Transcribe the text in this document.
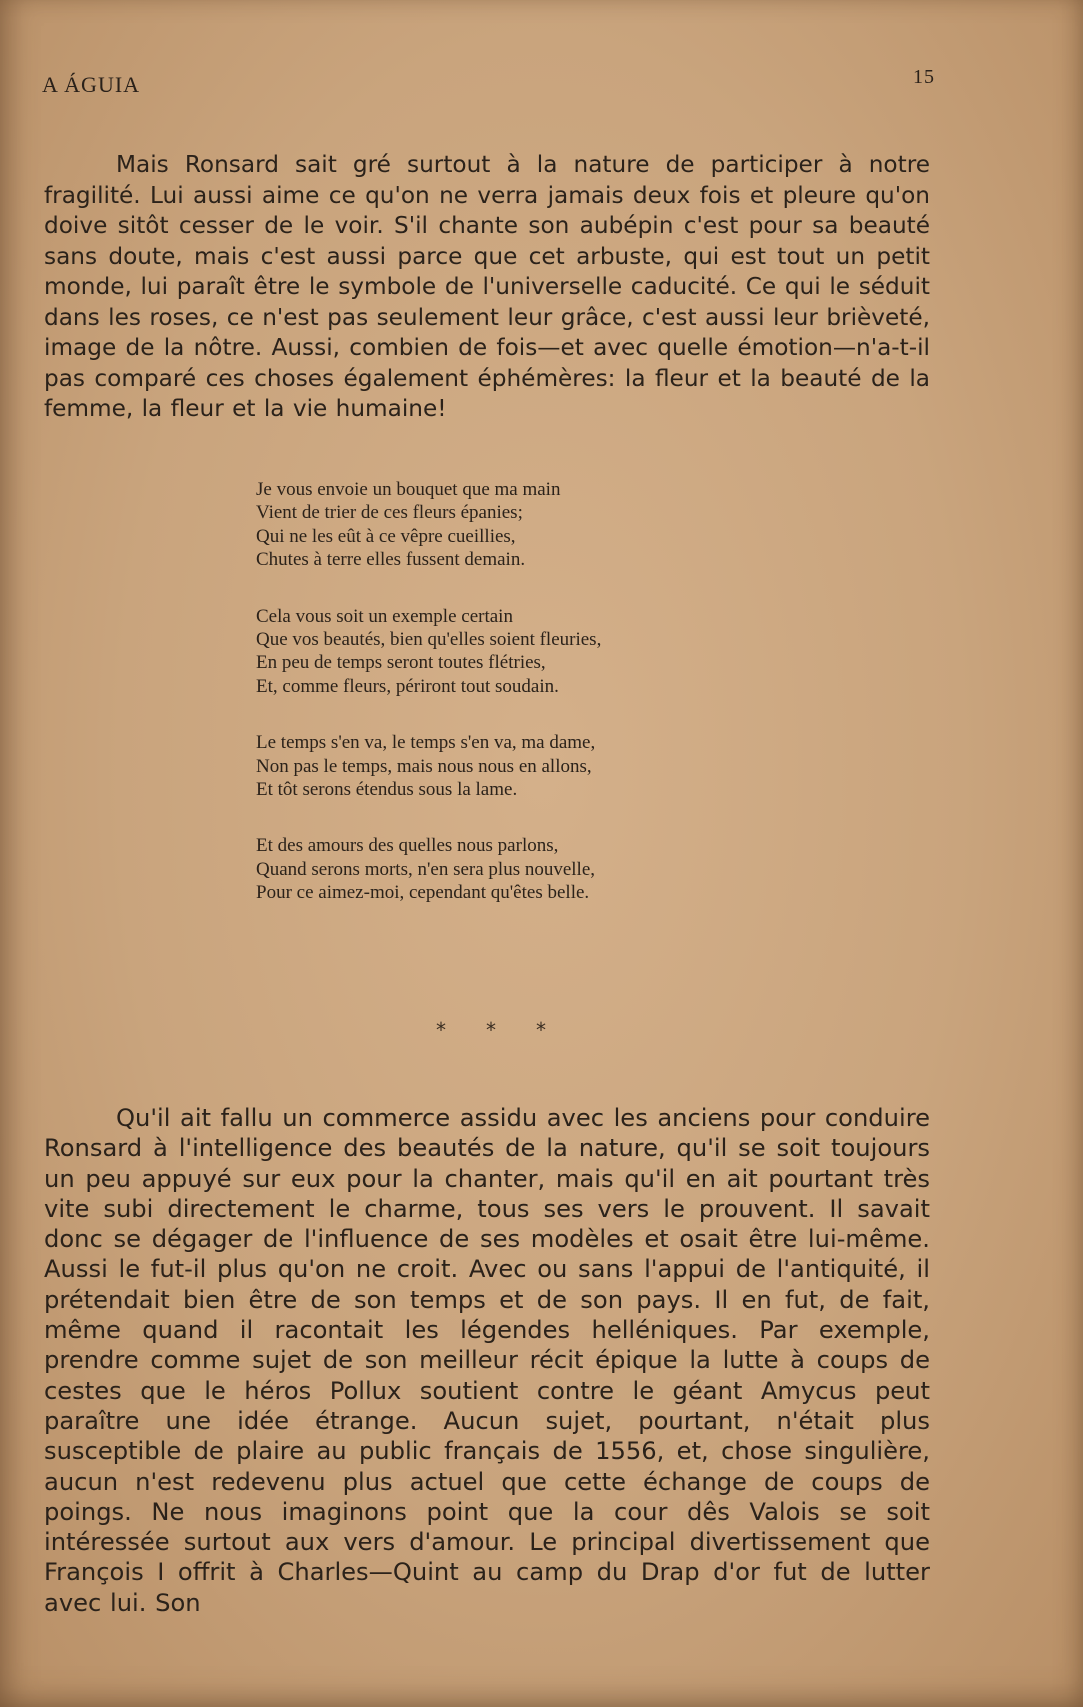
A ÁGUIA	15

Mais Ronsard sait gré surtout à la nature de participer à notre fragilité. Lui aussi aime ce qu'on ne verra jamais deux fois et pleure qu'on doive sitôt cesser de le voir. S'il chante son aubépin c'est pour sa beauté sans doute, mais c'est aussi parce que cet arbuste, qui est tout un petit monde, lui paraît être le symbole de l'universelle caducité. Ce qui le séduit dans les roses, ce n'est pas seulement leur grâce, c'est aussi leur brièveté, image de la nôtre. Aussi, combien de fois—et avec quelle émotion—n'a-t-il pas comparé ces choses également éphémères: la fleur et la beauté de la femme, la fleur et la vie humaine!

Je vous envoie un bouquet que ma main
Vient de trier de ces fleurs épanies;
Qui ne les eût à ce vêpre cueillies,
Chutes à terre elles fussent demain.
Cela vous soit un exemple certain
Que vos beautés, bien qu'elles soient fleuries,
En peu de temps seront toutes flétries,
Et, comme fleurs, périront tout soudain.
Le temps s'en va, le temps s'en va, ma dame,
Non pas le temps, mais nous nous en allons,
Et tôt serons étendus sous la lame.
Et des amours des quelles nous parlons,
Quand serons morts, n'en sera plus nouvelle,
Pour ce aimez-moi, cependant qu'êtes belle.
* * *

Qu'il ait fallu un commerce assidu avec les anciens pour conduire Ronsard à l'intelligence des beautés de la nature, qu'il se soit toujours un peu appuyé sur eux pour la chanter, mais qu'il en ait pourtant très vite subi directement le charme, tous ses vers le prouvent. Il savait donc se dégager de l'influence de ses modèles et osait être lui-même. Aussi le fut-il plus qu'on ne croit. Avec ou sans l'appui de l'antiquité, il prétendait bien être de son temps et de son pays. Il en fut, de fait, même quand il racontait les légendes helléniques. Par exemple, prendre comme sujet de son meilleur récit épique la lutte à coups de cestes que le héros Pollux soutient contre le géant Amycus peut paraître une idée étrange. Aucun sujet, pourtant, n'était plus susceptible de plaire au public français de 1556, et, chose singulière, aucun n'est redevenu plus actuel que cette échange de coups de poings. Ne nous imaginons point que la cour dês Valois se soit intéressée surtout aux vers d'amour. Le principal divertissement que François I offrit à Charles—Quint au camp du Drap d'or fut de lutter avec lui. Son
